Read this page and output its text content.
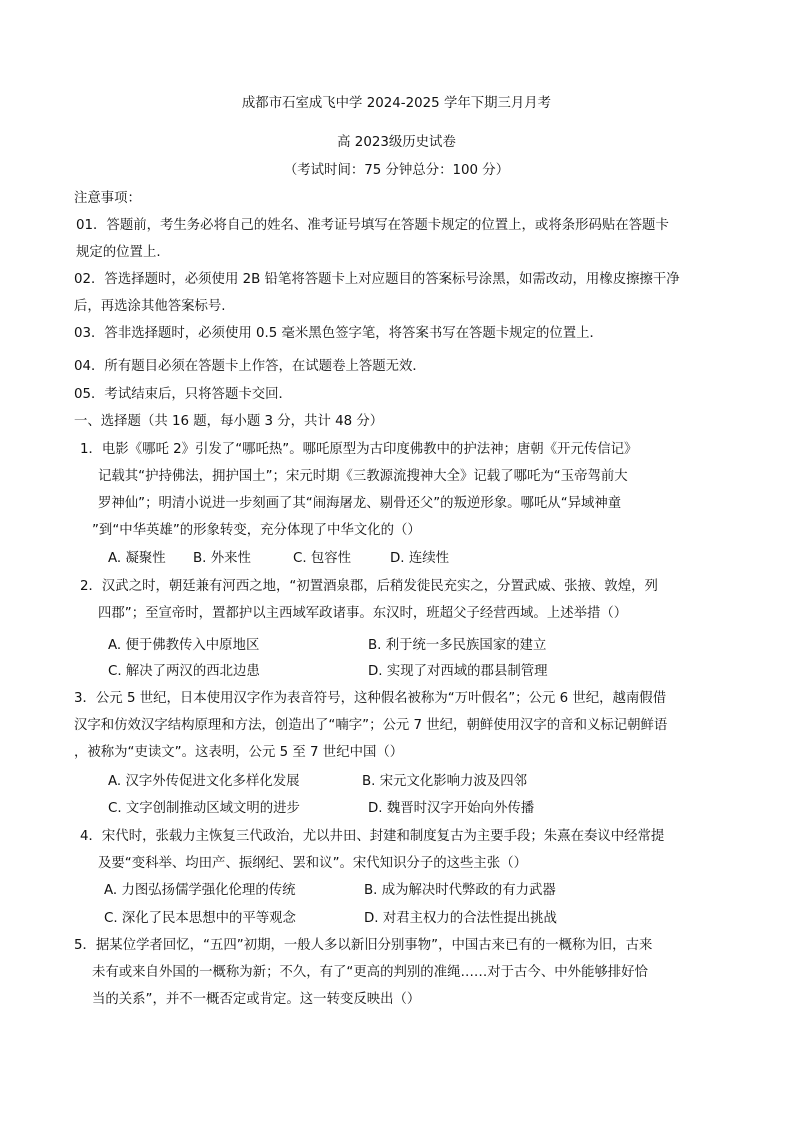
成都市石室成飞中学 2024-2025 学年下期三月月考
高 2023级历史试卷
（考试时间：75 分钟总分：100 分）
注意事项：
01．答题前，考生务必将自己的姓名、准考证号填写在答题卡规定的位置上，或将条形码贴在答题卡
规定的位置上.
02．答选择题时，必须使用 2B 铅笔将答题卡上对应题目的答案标号涂黑，如需改动，用橡皮擦擦干净
后，再选涂其他答案标号.
03．答非选择题时，必须使用 0.5 毫米黑色签字笔，将答案书写在答题卡规定的位置上．
04．所有题目必须在答题卡上作答，在试题卷上答题无效．
05．考试结束后，只将答题卡交回．
一、选择题（共 16 题，每小题 3 分，共计 48 分）
1．电影《哪吒 2》引发了“哪吒热”。哪吒原型为古印度佛教中的护法神；唐朝《开元传信记》
记载其“护持佛法，拥护国土”；宋元时期《三教源流搜神大全》记载了哪吒为“玉帝驾前大
罗神仙”；明清小说进一步刻画了其“闹海屠龙、剔骨还父”的叛逆形象。哪吒从“异域神童
”到“中华英雄”的形象转变，充分体现了中华文化的（）
A. 凝聚性 B. 外来性	C. 包容性	D. 连续性
2．汉武之时，朝廷兼有河西之地，“初置酒泉郡，后稍发徙民充实之，分置武威、张掖、敦煌，列
四郡”；至宣帝时，置都护以主西域军政诸事。东汉时，班超父子经营西域。上述举措（）
A. 便于佛教传入中原地区	B. 利于统一多民族国家的建立
C. 解决了两汉的西北边患	D. 实现了对西域的郡县制管理
3．公元 5 世纪，日本使用汉字作为表音符号，这种假名被称为“万叶假名”；公元 6 世纪，越南假借
汉字和仿效汉字结构原理和方法，创造出了“喃字”；公元 7 世纪，朝鲜使用汉字的音和义标记朝鲜语
，被称为“吏读文”。这表明，公元 5 至 7 世纪中国（）
A. 汉字外传促进文化多样化发展	B. 宋元文化影响力波及四邻
C. 文字创制推动区域文明的进步	D. 魏晋时汉字开始向外传播
4．宋代时，张载力主恢复三代政治，尤以井田、封建和制度复古为主要手段；朱熹在奏议中经常提
及要“变科举、均田产、振纲纪、罢和议”。宋代知识分子的这些主张（）
A. 力图弘扬儒学强化伦理的传统	B. 成为解决时代弊政的有力武器
C. 深化了民本思想中的平等观念	D. 对君主权力的合法性提出挑战
5．据某位学者回忆，“五四”初期，一般人多以新旧分别事物”，中国古来已有的一概称为旧，古来
未有或来自外国的一概称为新；不久，有了“更高的判别的准绳……对于古今、中外能够排好恰
当的关系”，并不一概否定或肯定。这一转变反映出（）
